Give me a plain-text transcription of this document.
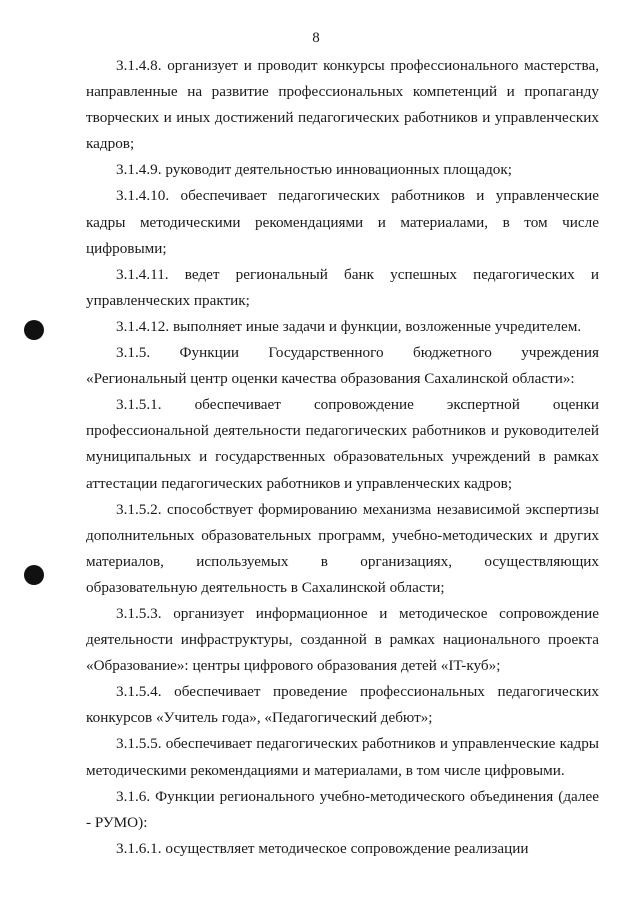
8

3.1.4.8. организует и проводит конкурсы профессионального мастерства, направленные на развитие профессиональных компетенций и пропаганду творческих и иных достижений педагогических работников и управленческих кадров;

3.1.4.9. руководит деятельностью инновационных площадок;

3.1.4.10. обеспечивает педагогических работников и управленческие кадры методическими рекомендациями и материалами, в том числе цифровыми;

3.1.4.11. ведет региональный банк успешных педагогических и управленческих практик;

3.1.4.12. выполняет иные задачи и функции, возложенные учредителем.

3.1.5. Функции Государственного бюджетного учреждения «Региональный центр оценки качества образования Сахалинской области»:

3.1.5.1. обеспечивает сопровождение экспертной оценки профессиональной деятельности педагогических работников и руководителей муниципальных и государственных образовательных учреждений в рамках аттестации педагогических работников и управленческих кадров;

3.1.5.2. способствует формированию механизма независимой экспертизы дополнительных образовательных программ, учебно-методических и других материалов, используемых в организациях, осуществляющих образовательную деятельность в Сахалинской области;

3.1.5.3. организует информационное и методическое сопровождение деятельности инфраструктуры, созданной в рамках национального проекта «Образование»: центры цифрового образования детей «IT-куб»;

3.1.5.4. обеспечивает проведение профессиональных педагогических конкурсов «Учитель года», «Педагогический дебют»;

3.1.5.5. обеспечивает педагогических работников и управленческие кадры методическими рекомендациями и материалами, в том числе цифровыми.

3.1.6. Функции регионального учебно-методического объединения (далее - РУМО):

3.1.6.1. осуществляет методическое сопровождение реализации
